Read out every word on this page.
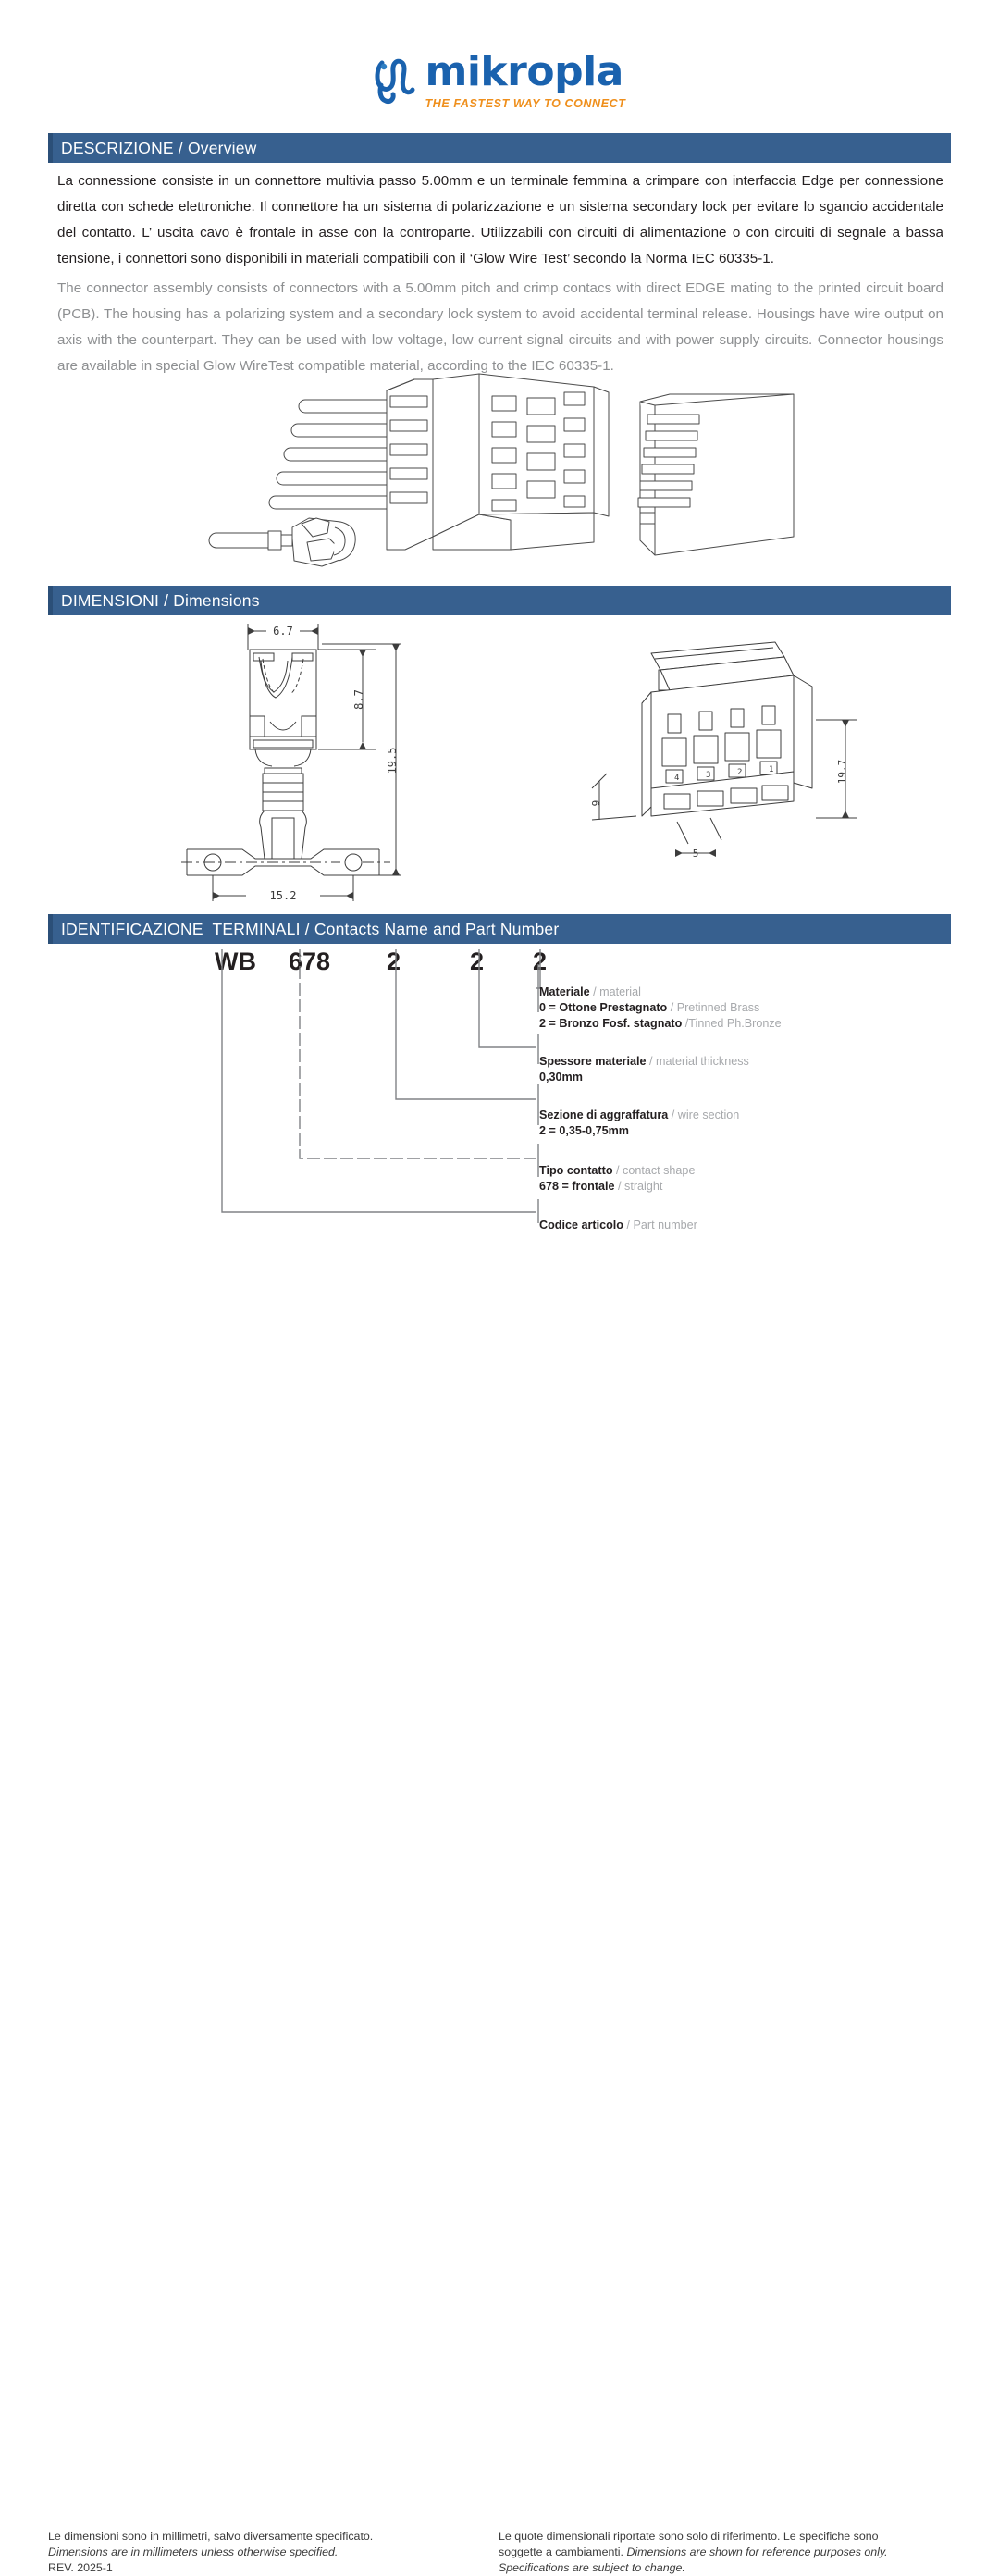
mikropla
THE FASTEST WAY TO CONNECT
DESCRIZIONE / Overview
La connessione consiste in un connettore multivia passo 5.00mm e un terminale femmina a crimpare con interfaccia Edge per connessione diretta con schede elettroniche. Il connettore ha un sistema di polarizzazione e un sistema secondary lock per evitare lo sgancio accidentale del contatto. L’ uscita cavo è frontale in asse con la controparte. Utilizzabili con circuiti di alimentazione o con circuiti di segnale a bassa tensione, i connettori sono disponibili in materiali compatibili con il ‘Glow Wire Test’ secondo la Norma IEC 60335-1.
The connector assembly consists of connectors with a 5.00mm pitch and crimp contacs with direct EDGE mating to the printed circuit board (PCB). The housing has a polarizing system and a secondary lock system to avoid accidental terminal release. Housings have wire output on axis with the counterpart. They can be used with low voltage, low current signal circuits and with power supply circuits. Connector housings are available in special Glow WireTest compatible material, according to the IEC 60335-1.
DIMENSIONI / Dimensions
6.7
15.2
8.7
19.5	19.7
9
5
4	3	2	1
IDENTIFICAZIONE  TERMINALI / Contacts Name and Part Number
WB 678 2	2 2
Materiale / material
0 = Ottone Prestagnato / Pretinned Brass
2 = Bronzo Fosf. stagnato /Tinned Ph.Bronze
Spessore materiale / material thickness
0,30mm
Sezione di aggraffatura / wire section
2 = 0,35-0,75mm
Tipo contatto / contact shape
678 = frontale / straight
Codice articolo / Part number
Le dimensioni sono in millimetri, salvo diversamente specificato.
Dimensions are in millimeters unless otherwise specified.
REV. 2025-1
Le quote dimensionali riportate sono solo di riferimento. Le specifiche sono
soggette a cambiamenti. Dimensions are shown for reference purposes only.
Specifications are subject to change.
